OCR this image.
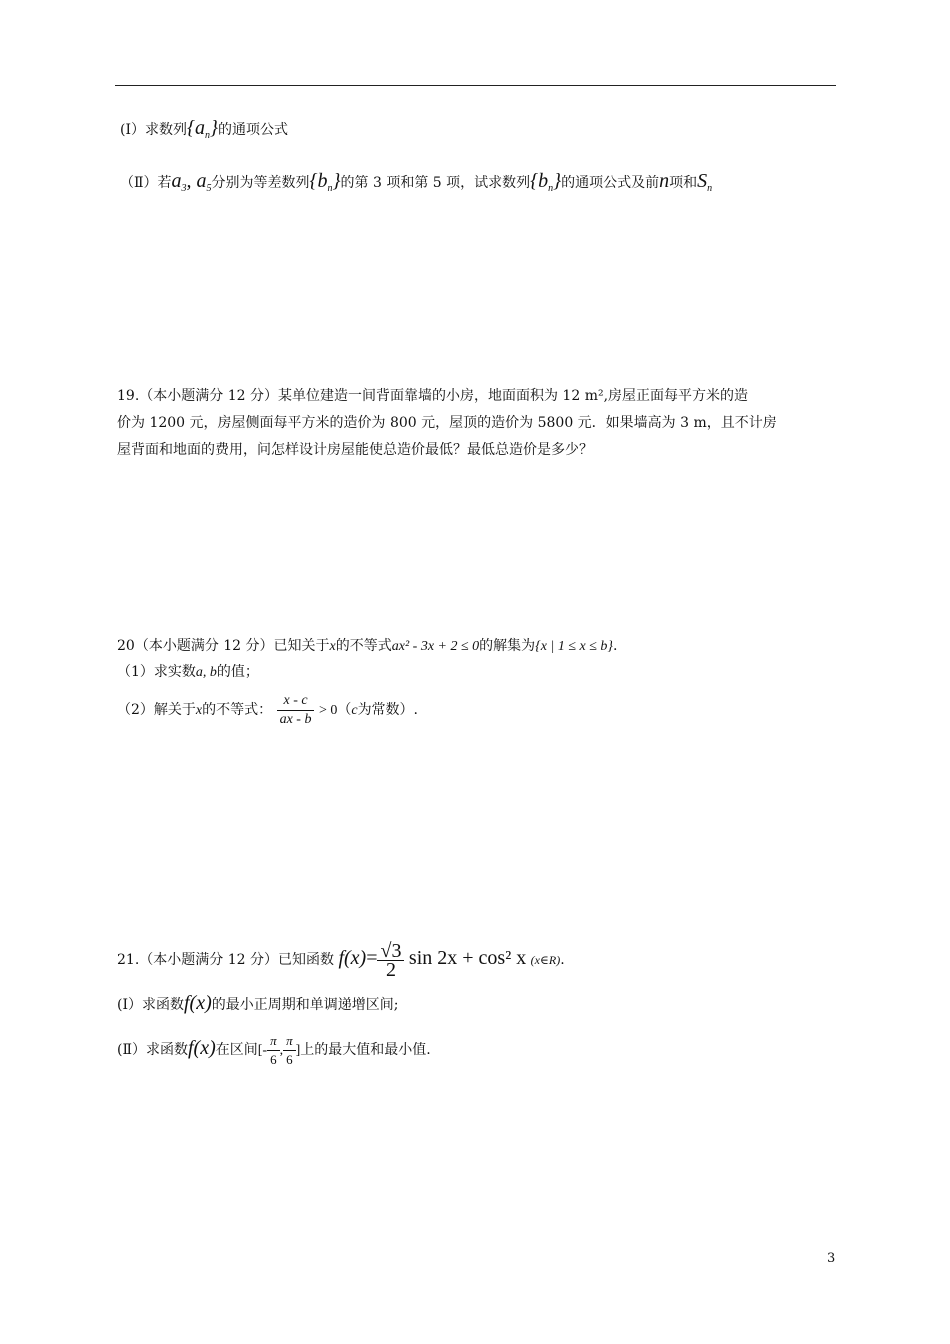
(Ⅰ）求数列$\{a_n\}$的通项公式
（Ⅱ）若$a_3$, $a_5$分别为等差数列$\{b_n\}$的第 3 项和第 5 项，试求数列$\{b_n\}$的通项公式及前n项和$S_n$
19.（本小题满分 12 分）某单位建造一间背面靠墙的小房，地面面积为 12 m²,房屋正面每平方米的造
价为 1200 元，房屋侧面每平方米的造价为 800 元，屋顶的造价为 5800 元．如果墙高为 3 m，且不计房
屋背面和地面的费用，问怎样设计房屋能使总造价最低？最低总造价是多少？
20（本小题满分 12 分）已知关于x的不等式ax² - 3x + 2 ≤ 0的解集为{x | 1 ≤ x ≤ b}.
（1）求实数a, b的值；
（2）解关于x的不等式： $\frac{x - c}{ax - b} > 0(c$为常数）.
21.（本小题满分 12 分）已知函数 $f(x)= \frac{√3}{2}$ sin 2x + cos² x (x∈R).
(Ⅰ）求函数f(x)的最小正周期和单调递增区间;
(Ⅱ）求函数f(x)在区间[- $\frac{\pi}{6}$ , $\frac{\pi}{6}$ ]上的最大值和最小值.
3
